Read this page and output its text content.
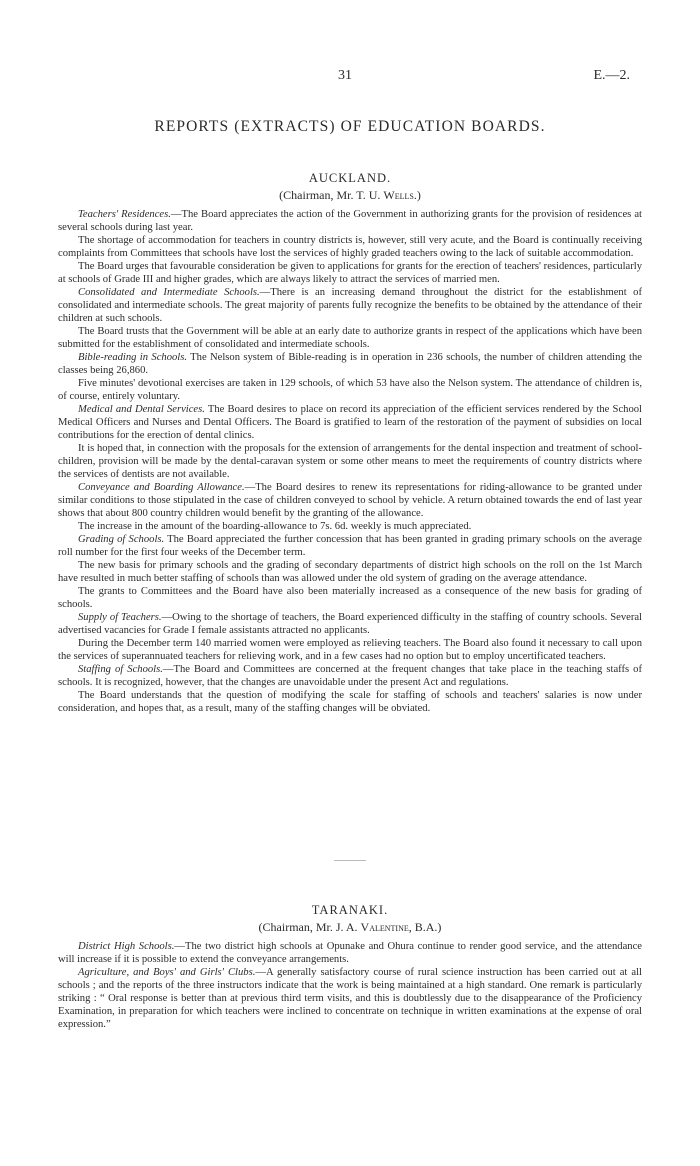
31	E.—2.
REPORTS (EXTRACTS) OF EDUCATION BOARDS.
AUCKLAND.
(Chairman, Mr. T. U. Wells.)

Teachers' Residences.—The Board appreciates the action of the Government in authorizing grants for the provision of residences at several schools during last year.

The shortage of accommodation for teachers in country districts is, however, still very acute, and the Board is continually receiving complaints from Committees that schools have lost the services of highly graded teachers owing to the lack of suitable accommodation.

The Board urges that favourable consideration be given to applications for grants for the erection of teachers' residences, particularly at schools of Grade III and higher grades, which are always likely to attract the services of married men.

Consolidated and Intermediate Schools.—There is an increasing demand throughout the district for the establishment of consolidated and intermediate schools. The great majority of parents fully recognize the benefits to be obtained by the attendance of their children at such schools.

The Board trusts that the Government will be able at an early date to authorize grants in respect of the applications which have been submitted for the establishment of consolidated and intermediate schools.

Bible-reading in Schools. The Nelson system of Bible-reading is in operation in 236 schools, the number of children attending the classes being 26,860.

Five minutes' devotional exercises are taken in 129 schools, of which 53 have also the Nelson system. The attendance of children is, of course, entirely voluntary.

Medical and Dental Services. The Board desires to place on record its appreciation of the efficient services rendered by the School Medical Officers and Nurses and Dental Officers. The Board is gratified to learn of the restoration of the payment of subsidies on local contributions for the erection of dental clinics.

It is hoped that, in connection with the proposals for the extension of arrangements for the dental inspection and treatment of school-children, provision will be made by the dental-caravan system or some other means to meet the requirements of country districts where the services of dentists are not available.

Conveyance and Boarding Allowance.—The Board desires to renew its representations for riding-allowance to be granted under similar conditions to those stipulated in the case of children conveyed to school by vehicle. A return obtained towards the end of last year shows that about 800 country children would benefit by the granting of the allowance.

The increase in the amount of the boarding-allowance to 7s. 6d. weekly is much appreciated.

Grading of Schools. The Board appreciated the further concession that has been granted in grading primary schools on the average roll number for the first four weeks of the December term.

The new basis for primary schools and the grading of secondary departments of district high schools on the roll on the 1st March have resulted in much better staffing of schools than was allowed under the old system of grading on the average attendance.

The grants to Committees and the Board have also been materially increased as a consequence of the new basis for grading of schools.

Supply of Teachers.—Owing to the shortage of teachers, the Board experienced difficulty in the staffing of country schools. Several advertised vacancies for Grade I female assistants attracted no applicants.

During the December term 140 married women were employed as relieving teachers. The Board also found it necessary to call upon the services of superannuated teachers for relieving work, and in a few cases had no option but to employ uncertificated teachers.

Staffing of Schools.—The Board and Committees are concerned at the frequent changes that take place in the teaching staffs of schools. It is recognized, however, that the changes are unavoidable under the present Act and regulations.

The Board understands that the question of modifying the scale for staffing of schools and teachers' salaries is now under consideration, and hopes that, as a result, many of the staffing changes will be obviated.

TARANAKI.
(Chairman, Mr. J. A. Valentine, B.A.)

District High Schools.—The two district high schools at Opunake and Ohura continue to render good service, and the attendance will increase if it is possible to extend the conveyance arrangements.

Agriculture, and Boys' and Girls' Clubs.—A generally satisfactory course of rural science instruction has been carried out at all schools ; and the reports of the three instructors indicate that the work is being maintained at a high standard. One remark is particularly striking : “ Oral response is better than at previous third term visits, and this is doubtlessly due to the disappearance of the Proficiency Examination, in preparation for which teachers were inclined to concentrate on technique in written examinations at the expense of oral expression.”
